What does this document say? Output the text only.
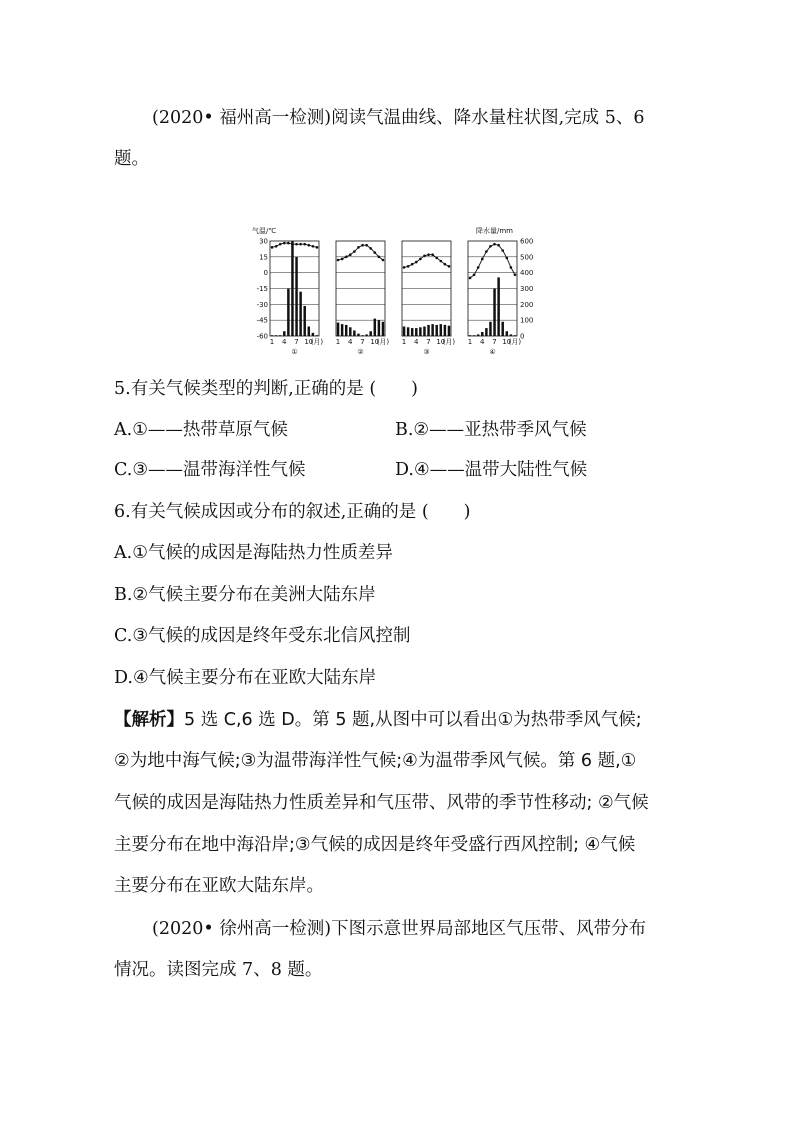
(2020• 福州高一检测)阅读气温曲线、降水量柱状图,完成 5、6
题。
气温/℃	降水量/mm
30
15
0
-15
-30
-45
-60
600
500
400
300
200
100
0
1 4 7 10
(月)
①
1 4 7 10
(月)
②
1 4 7 10
(月)
③
1 4 7 10
(月)
④
5.有关气候类型的判断,正确的是 (　　)
A.①——热带草原气候	B.②——亚热带季风气候
C.③——温带海洋性气候	D.④——温带大陆性气候
6.有关气候成因或分布的叙述,正确的是 (　　)
A.①气候的成因是海陆热力性质差异
B.②气候主要分布在美洲大陆东岸
C.③气候的成因是终年受东北信风控制
D.④气候主要分布在亚欧大陆东岸
【解析】5 选 C,6 选 D。第 5 题,从图中可以看出①为热带季风气候;
②为地中海气候;③为温带海洋性气候;④为温带季风气候。第 6 题,①
气候的成因是海陆热力性质差异和气压带、风带的季节性移动; ②气候
主要分布在地中海沿岸;③气候的成因是终年受盛行西风控制; ④气候
主要分布在亚欧大陆东岸。
(2020• 徐州高一检测)下图示意世界局部地区气压带、风带分布
情况。读图完成 7、8 题。
